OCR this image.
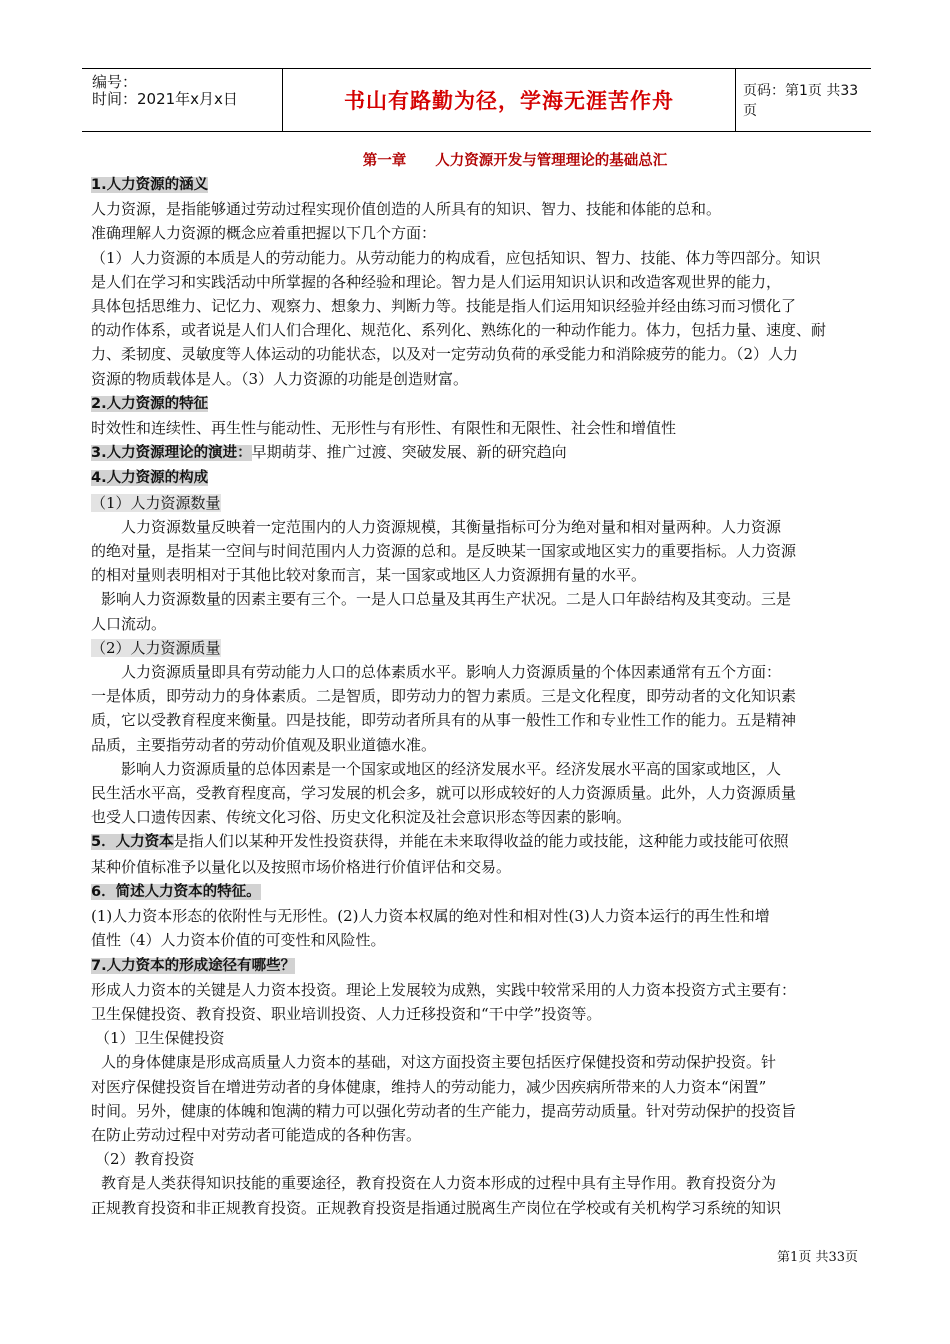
编号：
时间：2021年x月x日	书山有路勤为径，学海无涯苦作舟	页码：第1页 共33页
第一章　　人力资源开发与管理理论的基础总汇
1.人力资源的涵义
人力资源，是指能够通过劳动过程实现价值创造的人所具有的知识、智力、技能和体能的总和。
准确理解人力资源的概念应着重把握以下几个方面：
（1）人力资源的本质是人的劳动能力。从劳动能力的构成看，应包括知识、智力、技能、体力等四部分。知识
是人们在学习和实践活动中所掌握的各种经验和理论。智力是人们运用知识认识和改造客观世界的能力，
具体包括思维力、记忆力、观察力、想象力、判断力等。技能是指人们运用知识经验并经由练习而习惯化了
的动作体系，或者说是人们人们合理化、规范化、系列化、熟练化的一种动作能力。体力，包括力量、速度、耐
力、柔韧度、灵敏度等人体运动的功能状态，以及对一定劳动负荷的承受能力和消除疲劳的能力。（2）人力
资源的物质载体是人。（3）人力资源的功能是创造财富。
2.人力资源的特征
时效性和连续性、再生性与能动性、无形性与有形性、有限性和无限性、社会性和增值性
3.人力资源理论的演进：早期萌芽、推广过渡、突破发展、新的研究趋向
4.人力资源的构成
（1）人力资源数量
人力资源数量反映着一定范围内的人力资源规模，其衡量指标可分为绝对量和相对量两种。人力资源
的绝对量，是指某一空间与时间范围内人力资源的总和。是反映某一国家或地区实力的重要指标。人力资源
的相对量则表明相对于其他比较对象而言，某一国家或地区人力资源拥有量的水平。
影响人力资源数量的因素主要有三个。一是人口总量及其再生产状况。二是人口年龄结构及其变动。三是
人口流动。
（2）人力资源质量
人力资源质量即具有劳动能力人口的总体素质水平。影响人力资源质量的个体因素通常有五个方面：
一是体质，即劳动力的身体素质。二是智质，即劳动力的智力素质。三是文化程度，即劳动者的文化知识素
质，它以受教育程度来衡量。四是技能，即劳动者所具有的从事一般性工作和专业性工作的能力。五是精神
品质，主要指劳动者的劳动价值观及职业道德水准。
影响人力资源质量的总体因素是一个国家或地区的经济发展水平。经济发展水平高的国家或地区，人
民生活水平高，受教育程度高，学习发展的机会多，就可以形成较好的人力资源质量。此外，人力资源质量
也受人口遗传因素、传统文化习俗、历史文化积淀及社会意识形态等因素的影响。
5．人力资本是指人们以某种开发性投资获得，并能在未来取得收益的能力或技能，这种能力或技能可依照
某种价值标准予以量化以及按照市场价格进行价值评估和交易。
6．简述人力资本的特征。
(1)人力资本形态的依附性与无形性。(2)人力资本权属的绝对性和相对性(3)人力资本运行的再生性和增
值性（4）人力资本价值的可变性和风险性。
7.人力资本的形成途径有哪些？
形成人力资本的关键是人力资本投资。理论上发展较为成熟，实践中较常采用的人力资本投资方式主要有：
卫生保健投资、教育投资、职业培训投资、人力迁移投资和“干中学”投资等。
（1）卫生保健投资
人的身体健康是形成高质量人力资本的基础，对这方面投资主要包括医疗保健投资和劳动保护投资。针
对医疗保健投资旨在增进劳动者的身体健康，维持人的劳动能力，减少因疾病所带来的人力资本“闲置”
时间。另外，健康的体魄和饱满的精力可以强化劳动者的生产能力，提高劳动质量。针对劳动保护的投资旨
在防止劳动过程中对劳动者可能造成的各种伤害。
（2）教育投资
教育是人类获得知识技能的重要途径，教育投资在人力资本形成的过程中具有主导作用。教育投资分为
正规教育投资和非正规教育投资。正规教育投资是指通过脱离生产岗位在学校或有关机构学习系统的知识
第1页 共33页
